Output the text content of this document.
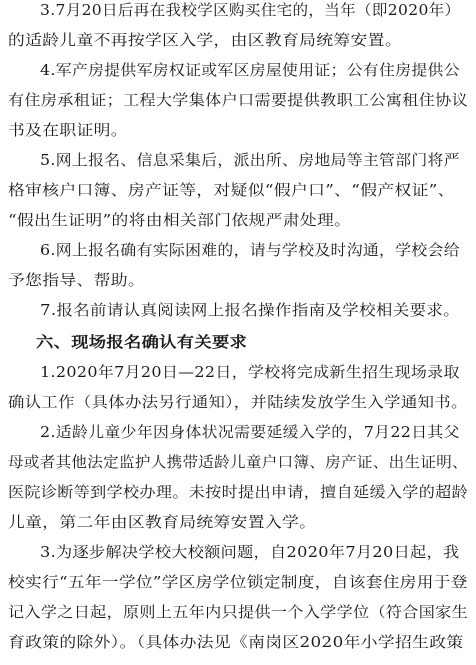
3.7月20日后再在我校学区购买住宅的，当年（即2020年）
的适龄儿童不再按学区入学，由区教育局统筹安置。
4.军产房提供军房权证或军区房屋使用证；公有住房提供公
有住房承租证；工程大学集体户口需要提供教职工公寓租住协议
书及在职证明。
5.网上报名、信息采集后，派出所、房地局等主管部门将严
格审核户口簿、房产证等，对疑似“假户口”、“假产权证”、
“假出生证明”的将由相关部门依规严肃处理。
6.网上报名确有实际困难的，请与学校及时沟通，学校会给
予您指导、帮助。
7.报名前请认真阅读网上报名操作指南及学校相关要求。
六、现场报名确认有关要求
1.2020年7月20日—22日，学校将完成新生招生现场录取
确认工作（具体办法另行通知），并陆续发放学生入学通知书。
2.适龄儿童少年因身体状况需要延缓入学的，7月22日其父
母或者其他法定监护人携带适龄儿童户口簿、房产证、出生证明、
医院诊断等到学校办理。未按时提出申请，擅自延缓入学的超龄
儿童，第二年由区教育局统筹安置入学。
3.为逐步解决学校大校额问题，自2020年7月20日起，我
校实行“五年一学位”学区房学位锁定制度，自该套住房用于登
记入学之日起，原则上五年内只提供一个入学学位（符合国家生
育政策的除外）。（具体办法见《南岗区2020年小学招生政策
